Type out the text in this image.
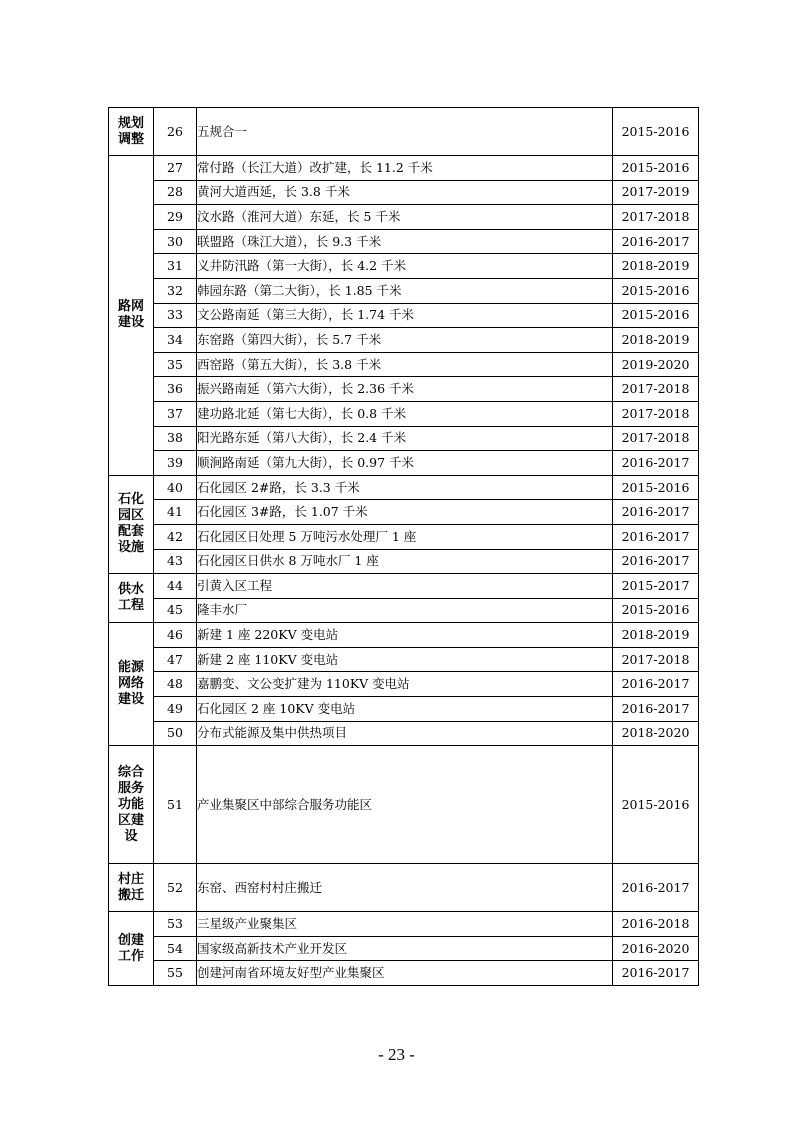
规划
调整	26	五规合一	2015-2016

路网
建设	27	常付路（长江大道）改扩建，长 11.2 千米	2015-2016
	28	黄河大道西延，长 3.8 千米	2017-2019
	29	汶水路（淮河大道）东延，长 5 千米	2017-2018
	30	联盟路（珠江大道），长 9.3 千米	2016-2017
	31	义井防汛路（第一大街），长 4.2 千米	2018-2019
	32	韩园东路（第二大街），长 1.85 千米	2015-2016
	33	文公路南延（第三大街），长 1.74 千米	2015-2016
	34	东窑路（第四大街），长 5.7 千米	2018-2019
	35	西窑路（第五大街），长 3.8 千米	2019-2020
	36	振兴路南延（第六大街），长 2.36 千米	2017-2018
	37	建功路北延（第七大街），长 0.8 千米	2017-2018
	38	阳光路东延（第八大街），长 2.4 千米	2017-2018
	39	顺涧路南延（第九大街），长 0.97 千米	2016-2017

石化
园区
配套
设施	40	石化园区 2#路，长 3.3 千米	2015-2016
	41	石化园区 3#路，长 1.07 千米	2016-2017
	42	石化园区日处理 5 万吨污水处理厂 1 座	2016-2017
	43	石化园区日供水 8 万吨水厂 1 座	2016-2017

供水
工程	44	引黄入区工程	2015-2017
	45	隆丰水厂	2015-2016

能源
网络
建设	46	新建 1 座 220KV 变电站	2018-2019
	47	新建 2 座 110KV 变电站	2017-2018
	48	嘉鹏变、文公变扩建为 110KV 变电站	2016-2017
	49	石化园区 2 座 10KV 变电站	2016-2017
	50	分布式能源及集中供热项目	2018-2020

综合
服务
功能
区建
设	51	产业集聚区中部综合服务功能区	2015-2016

村庄
搬迁	52	东窑、西窑村村庄搬迁	2016-2017

创建
工作	53	三星级产业聚集区	2016-2018
	54	国家级高新技术产业开发区	2016-2020
	55	创建河南省环境友好型产业集聚区	2016-2017
- 23 -
